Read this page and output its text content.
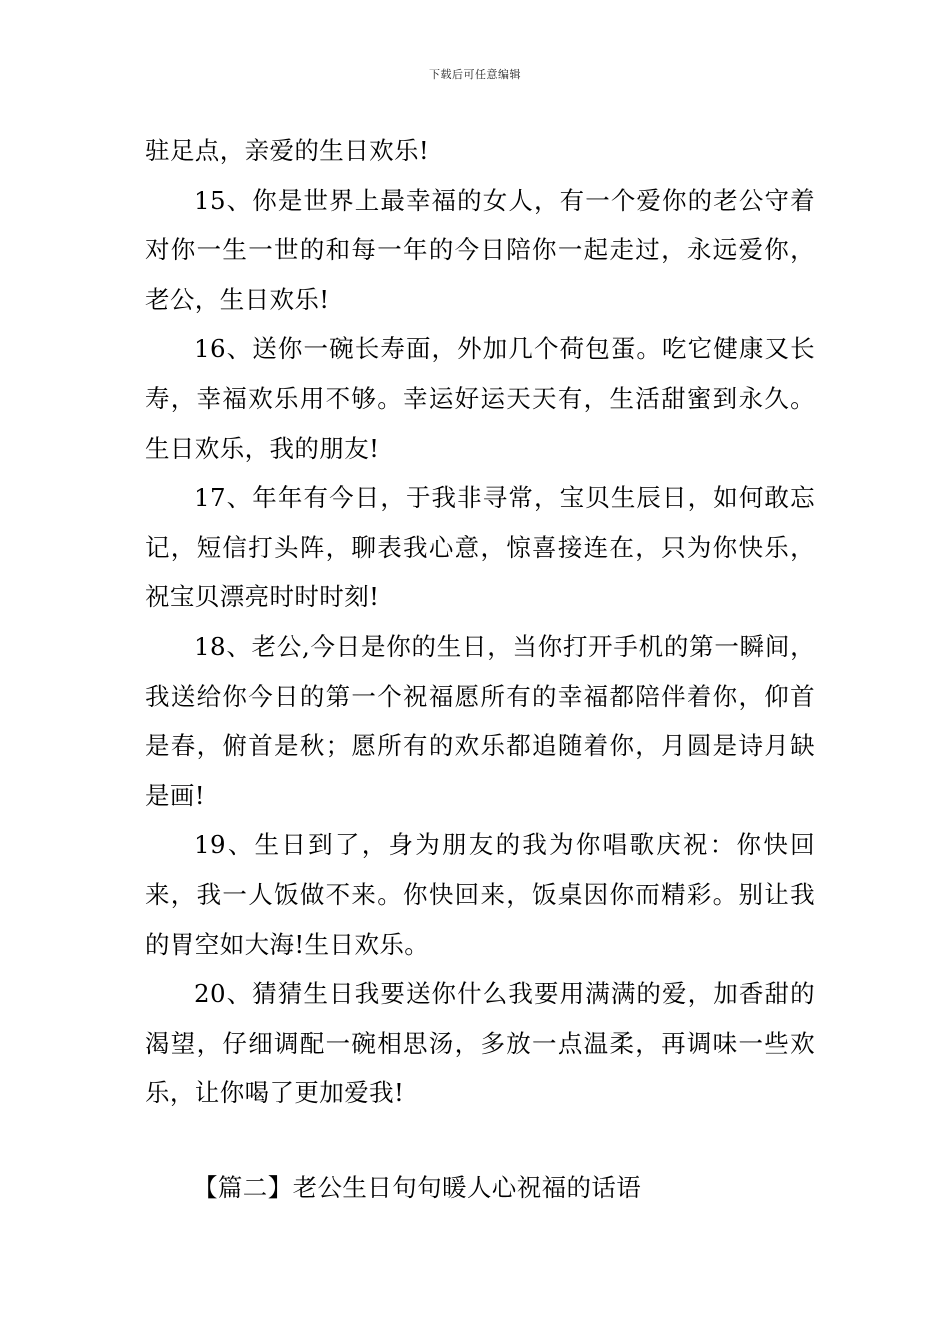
下载后可任意编辑

驻足点，亲爱的生日欢乐!

15、你是世界上最幸福的女人，有一个爱你的老公守着对你一生一世的和每一年的今日陪你一起走过，永远爱你，老公，生日欢乐!

16、送你一碗长寿面，外加几个荷包蛋。吃它健康又长寿，幸福欢乐用不够。幸运好运天天有，生活甜蜜到永久。生日欢乐，我的朋友!

17、年年有今日，于我非寻常，宝贝生辰日，如何敢忘记，短信打头阵，聊表我心意，惊喜接连在，只为你快乐，祝宝贝漂亮时时时刻!

18、老公,今日是你的生日，当你打开手机的第一瞬间，我送给你今日的第一个祝福愿所有的幸福都陪伴着你，仰首是春，俯首是秋；愿所有的欢乐都追随着你，月圆是诗月缺是画!

19、生日到了，身为朋友的我为你唱歌庆祝：你快回来，我一人饭做不来。你快回来，饭桌因你而精彩。别让我的胃空如大海!生日欢乐。

20、猜猜生日我要送你什么我要用满满的爱，加香甜的渴望，仔细调配一碗相思汤，多放一点温柔，再调味一些欢乐，让你喝了更加爱我!

【篇二】老公生日句句暖人心祝福的话语
